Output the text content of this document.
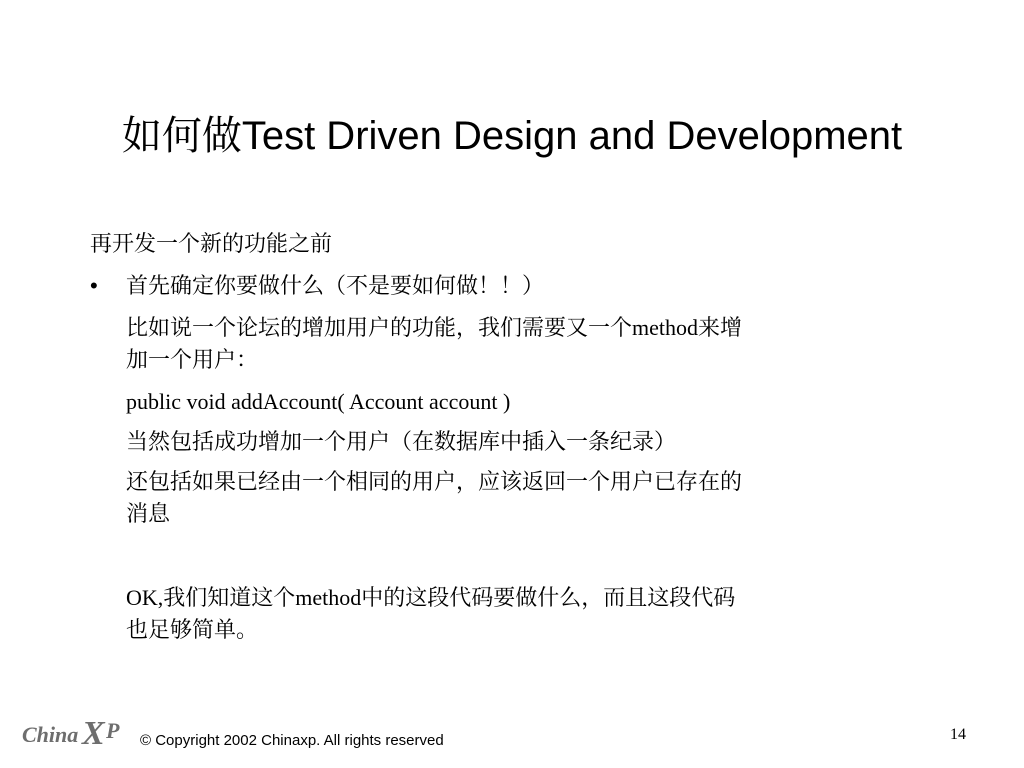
如何做Test Driven Design and Development
再开发一个新的功能之前
• 首先确定你要做什么（不是要如何做！！）
比如说一个论坛的增加用户的功能，我们需要又一个method来增
加一个用户：
public void addAccount( Account account )
当然包括成功增加一个用户（在数据库中插入一条纪录）
还包括如果已经由一个相同的用户，应该返回一个用户已存在的
消息
OK,我们知道这个method中的这段代码要做什么，而且这段代码
也足够简单。
China X P © Copyright 2002 Chinaxp. All rights reserved	14
